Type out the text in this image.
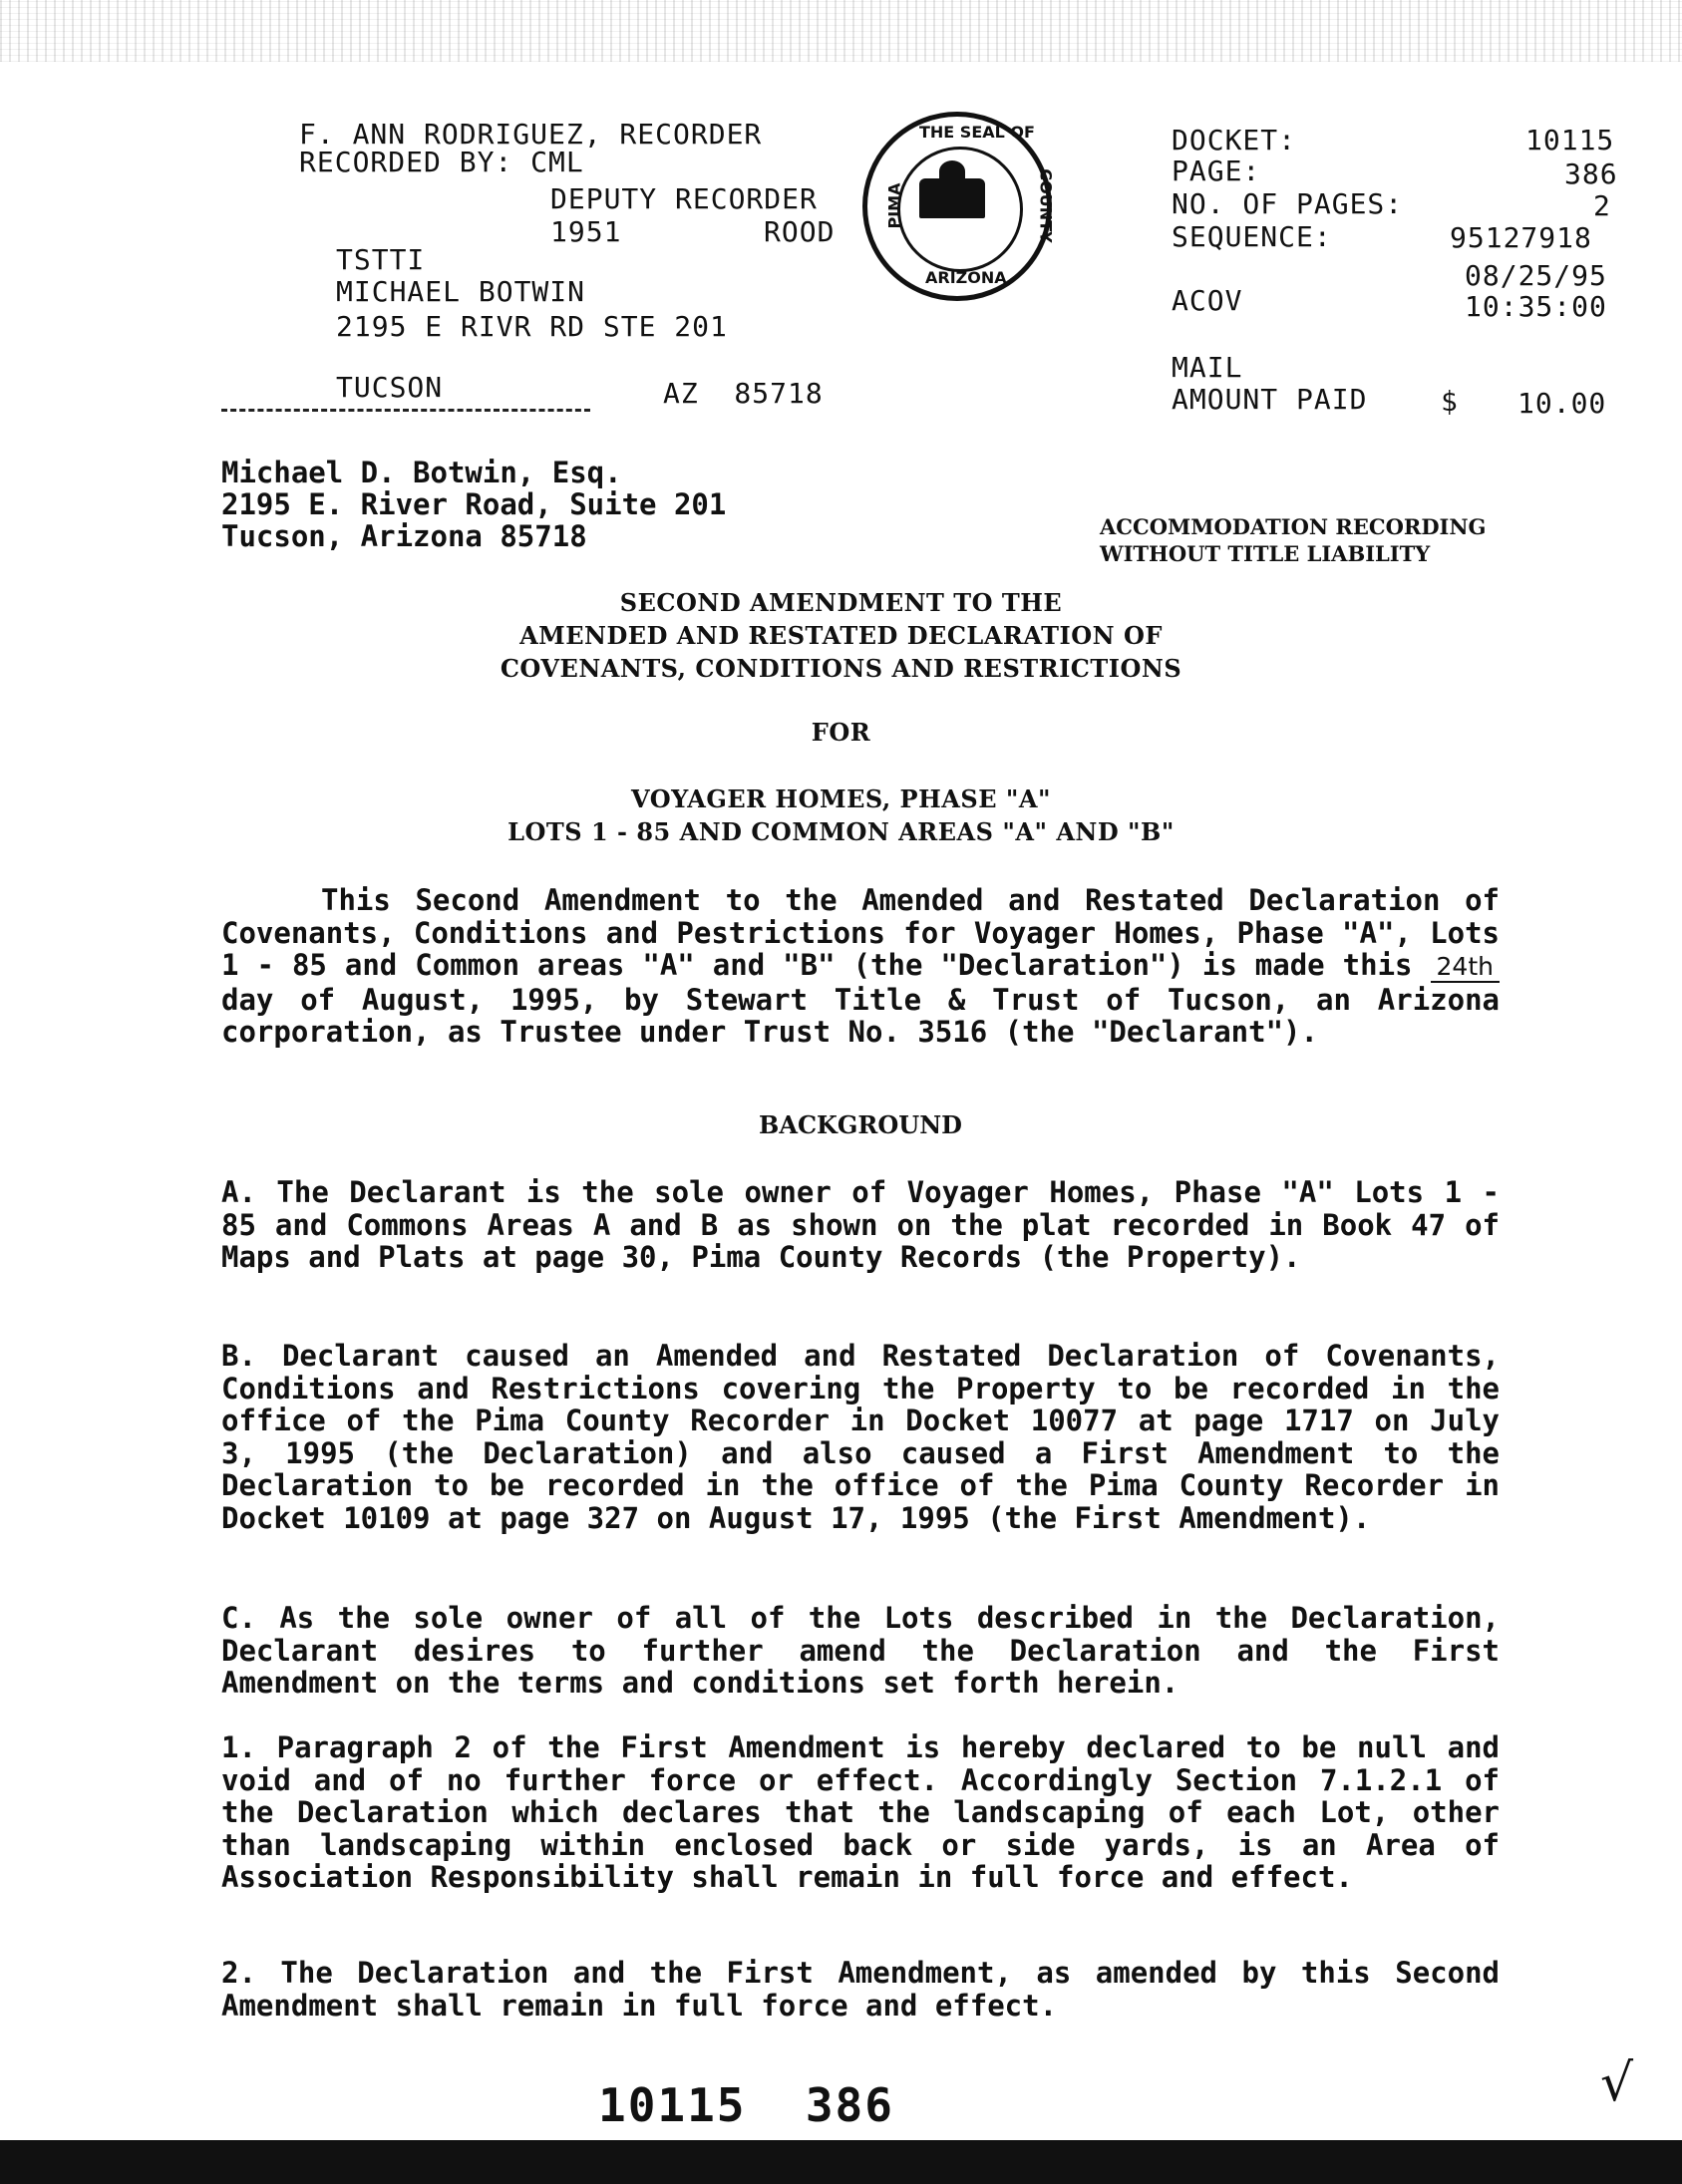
F. ANN RODRIGUEZ, RECORDER
RECORDED BY: CML
DEPUTY RECORDER
1951	ROOD
TSTTI
MICHAEL BOTWIN
2195 E RIVR RD STE 201
TUCSON	AZ  85718
THE SEAL OF
ARIZONA
PIMA	COUNTY
DOCKET:	10115
PAGE:	386
NO. OF PAGES:	2
SEQUENCE:	95127918
08/25/95
ACOV	10:35:00
MAIL
AMOUNT PAID	$ 10.00
Michael D. Botwin, Esq.
2195 E. River Road, Suite 201
Tucson, Arizona 85718	ACCOMMODATION RECORDING
WITHOUT TITLE LIABILITY
SECOND AMENDMENT TO THE
AMENDED AND RESTATED DECLARATION OF
COVENANTS, CONDITIONS AND RESTRICTIONS
FOR
VOYAGER HOMES, PHASE "A"
LOTS 1 - 85 AND COMMON AREAS "A" AND "B"
This Second Amendment to the Amended and Restated Declaration of Covenants, Conditions and Pestrictions for Voyager Homes, Phase "A", Lots 1 - 85 and Common areas "A" and "B" (the "Declaration") is made this 24th day of August, 1995, by Stewart Title & Trust of Tucson, an Arizona corporation, as Trustee under Trust No. 3516 (the "Declarant").
BACKGROUND
A. The Declarant is the sole owner of Voyager Homes, Phase "A" Lots 1 - 85 and Commons Areas A and B as shown on the plat recorded in Book 47 of Maps and Plats at page 30, Pima County Records (the Property).
B. Declarant caused an Amended and Restated Declaration of Covenants, Conditions and Restrictions covering the Property to be recorded in the office of the Pima County Recorder in Docket 10077 at page 1717 on July 3, 1995 (the Declaration) and also caused a First Amendment to the Declaration to be recorded in the office of the Pima County Recorder in Docket 10109 at page 327 on August 17, 1995 (the First Amendment).
C. As the sole owner of all of the Lots described in the Declaration, Declarant desires to further amend the Declaration and the First Amendment on the terms and conditions set forth herein.
1. Paragraph 2 of the First Amendment is hereby declared to be null and void and of no further force or effect. Accordingly Section 7.1.2.1 of the Declaration which declares that the landscaping of each Lot, other than landscaping within enclosed back or side yards, is an Area of Association Responsibility shall remain in full force and effect.
2. The Declaration and the First Amendment, as amended by this Second Amendment shall remain in full force and effect.
10115  386	√
